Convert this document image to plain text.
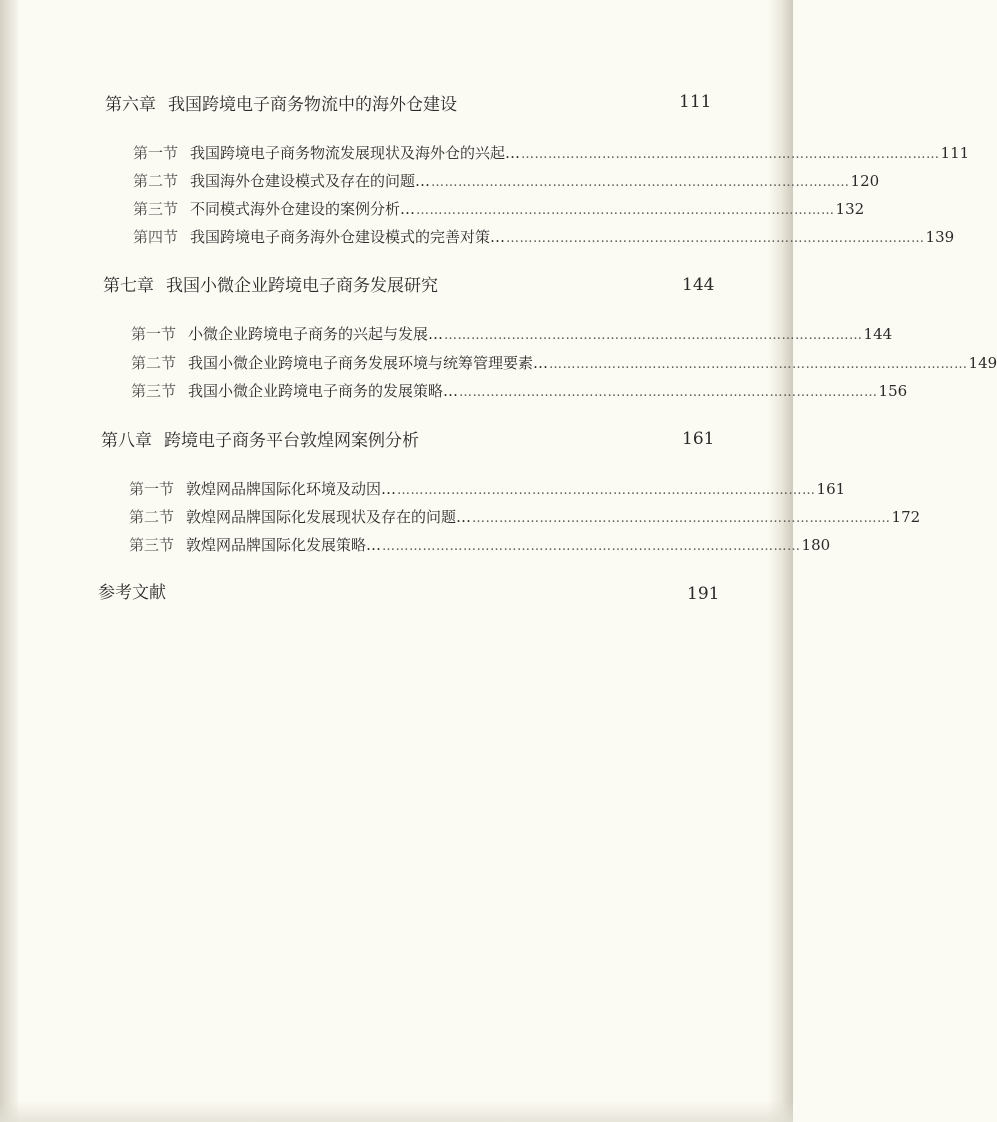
第六章 我国跨境电子商务物流中的海外仓建设	111
第一节 我国跨境电子商务物流发展现状及海外仓的兴起… ………………………………………………………………………………… 111
第二节 我国海外仓建设模式及存在的问题… ………………………………………………………………………………… 120
第三节 不同模式海外仓建设的案例分析… ………………………………………………………………………………… 132
第四节 我国跨境电子商务海外仓建设模式的完善对策… ………………………………………………………………………………… 139
第七章 我国小微企业跨境电子商务发展研究	144
第一节 小微企业跨境电子商务的兴起与发展… ………………………………………………………………………………… 144
第二节 我国小微企业跨境电子商务发展环境与统筹管理要素… ………………………………………………………………………………… 149
第三节 我国小微企业跨境电子商务的发展策略… ………………………………………………………………………………… 156
第八章 跨境电子商务平台敦煌网案例分析	161
第一节 敦煌网品牌国际化环境及动因… ………………………………………………………………………………… 161
第二节 敦煌网品牌国际化发展现状及存在的问题… ………………………………………………………………………………… 172
第三节 敦煌网品牌国际化发展策略… ………………………………………………………………………………… 180
参考文献	191
